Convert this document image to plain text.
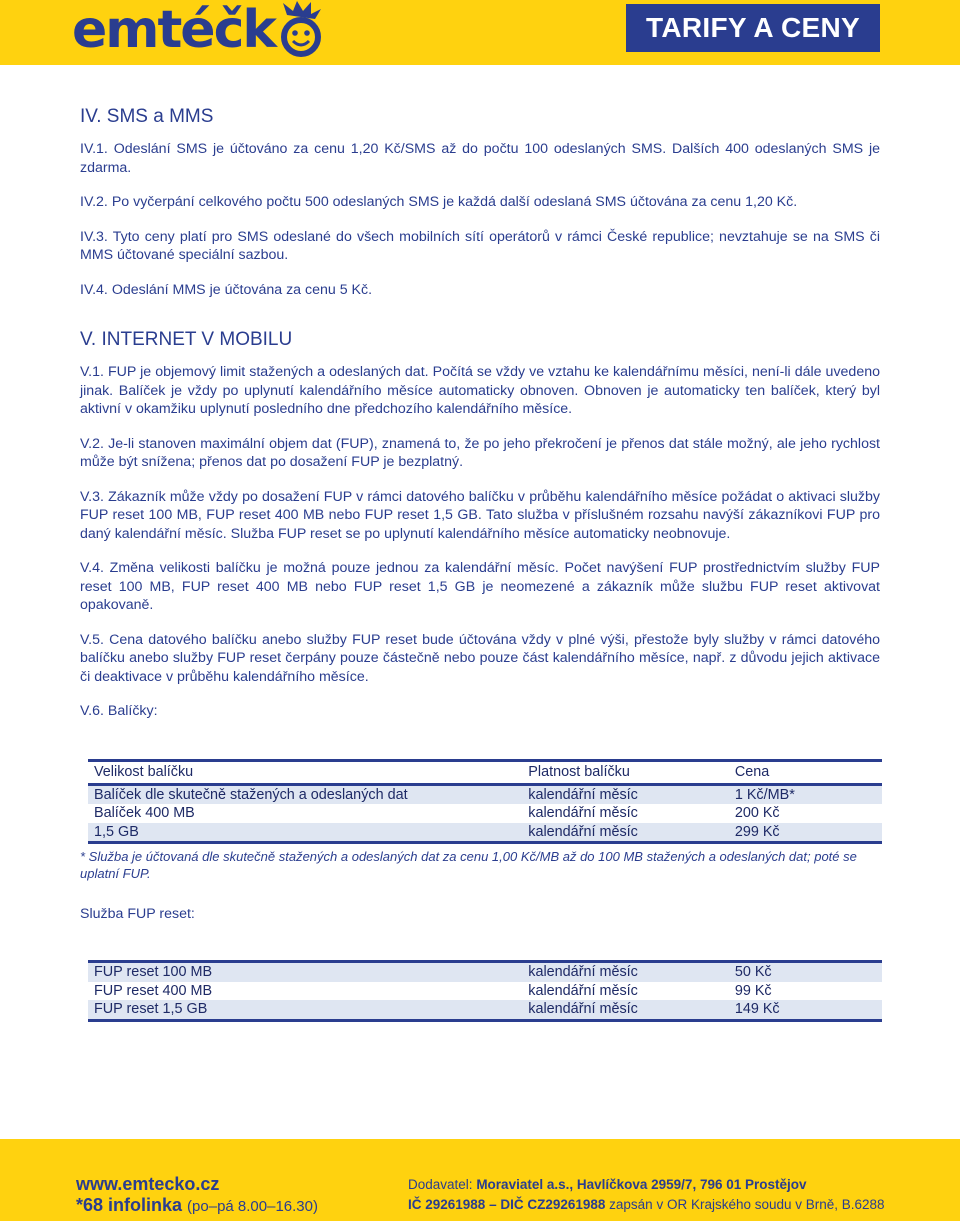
emtéčk	TARIFY A CENY
IV. SMS a MMS

IV.1. Odeslání SMS je účtováno za cenu 1,20 Kč/SMS až do počtu 100 odeslaných SMS. Dalších 400 odeslaných SMS je zdarma.

IV.2. Po vyčerpání celkového počtu 500 odeslaných SMS je každá další odeslaná SMS účtována za cenu 1,20 Kč.

IV.3. Tyto ceny platí pro SMS odeslané do všech mobilních sítí operátorů v rámci České republice; nevztahuje se na SMS či MMS účtované speciální sazbou.

IV.4. Odeslání MMS je účtována za cenu 5 Kč.

V. INTERNET V MOBILU

V.1. FUP je objemový limit stažených a odeslaných dat. Počítá se vždy ve vztahu ke kalendářnímu měsíci, není-li dále uvedeno jinak. Balíček je vždy po uplynutí kalendářního měsíce automaticky obnoven. Obnoven je automaticky ten balíček, který byl aktivní v okamžiku uplynutí posledního dne předchozího kalendářního měsíce.

V.2. Je-li stanoven maximální objem dat (FUP), znamená to, že po jeho překročení je přenos dat stále možný, ale jeho rychlost může být snížena; přenos dat po dosažení FUP je bezplatný.

V.3. Zákazník může vždy po dosažení FUP v rámci datového balíčku v průběhu kalendářního měsíce požádat o aktivaci služby FUP reset 100 MB, FUP reset 400 MB nebo FUP reset 1,5 GB. Tato služba v příslušném rozsahu navýší zákazníkovi FUP pro daný kalendářní měsíc. Služba FUP reset se po uplynutí kalendářního měsíce automaticky neobnovuje.

V.4. Změna velikosti balíčku je možná pouze jednou za kalendářní měsíc. Počet navýšení FUP prostřednictvím služby FUP reset 100 MB, FUP reset 400 MB nebo FUP reset 1,5 GB je neomezené a zákazník může službu FUP reset aktivovat opakovaně.

V.5. Cena datového balíčku anebo služby FUP reset bude účtována vždy v plné výši, přestože byly služby v rámci datového balíčku anebo služby FUP reset čerpány pouze částečně nebo pouze část kalendářního měsíce, např. z důvodu jejich aktivace či deaktivace v průběhu kalendářního měsíce.

V.6. Balíčky:

Velikost balíčku	Platnost balíčku	Cena
Balíček dle skutečně stažených a odeslaných dat	kalendářní měsíc	1 Kč/MB*
Balíček 400 MB	kalendářní měsíc	200 Kč
1,5 GB	kalendářní měsíc	299 Kč

* Služba je účtovaná dle skutečně stažených a odeslaných dat za cenu 1,00 Kč/MB až do 100 MB stažených a odeslaných dat; poté se uplatní FUP.

Služba FUP reset:

FUP reset 100 MB	kalendářní měsíc	50 Kč
FUP reset 400 MB	kalendářní měsíc	99 Kč
FUP reset 1,5 GB	kalendářní měsíc	149 Kč
www.emtecko.cz
*68 infolinka (po–pá 8.00–16.30)
Dodavatel: Moraviatel a.s., Havlíčkova 2959/7, 796 01 Prostějov
IČ 29261988 – DIČ CZ29261988 zapsán v OR Krajského soudu v Brně, B.6288
